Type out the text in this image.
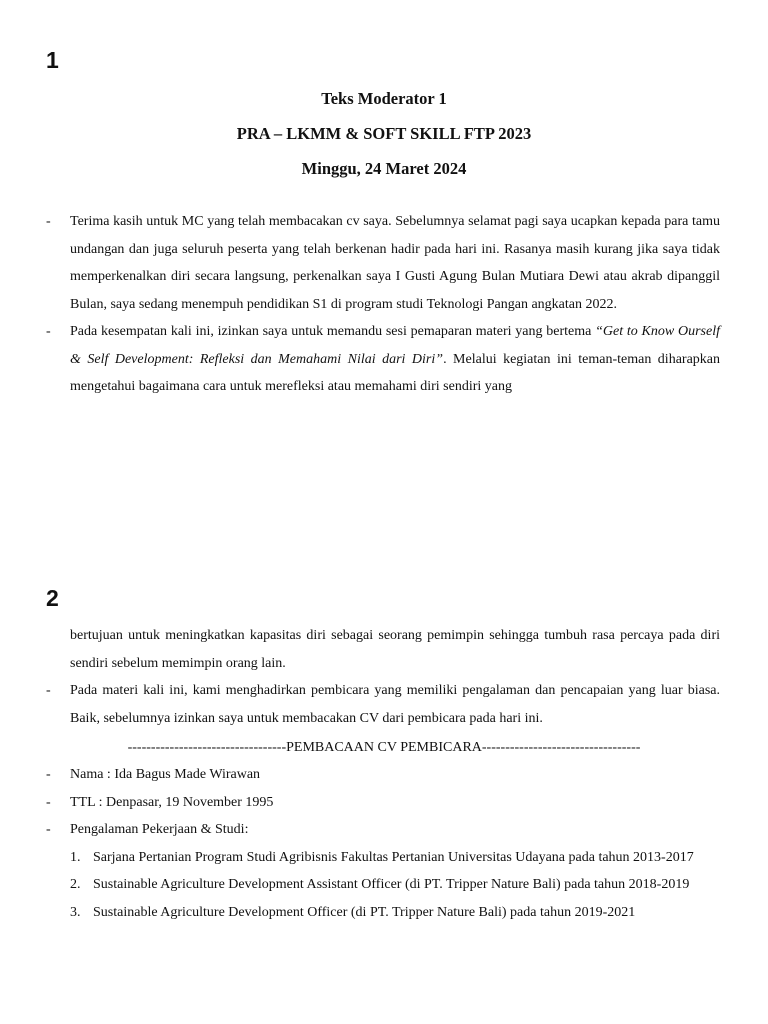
1
Teks Moderator 1
PRA – LKMM & SOFT SKILL FTP 2023
Minggu, 24 Maret 2024
- Terima kasih untuk MC yang telah membacakan cv saya. Sebelumnya selamat pagi saya ucapkan kepada para tamu undangan dan juga seluruh peserta yang telah berkenan hadir pada hari ini. Rasanya masih kurang jika saya tidak memperkenalkan diri secara langsung, perkenalkan saya I Gusti Agung Bulan Mutiara Dewi atau akrab dipanggil Bulan, saya sedang menempuh pendidikan S1 di program studi Teknologi Pangan angkatan 2022.
- Pada kesempatan kali ini, izinkan saya untuk memandu sesi pemaparan materi yang bertema “Get to Know Ourself & Self Development: Refleksi dan Memahami Nilai dari Diri”. Melalui kegiatan ini teman-teman diharapkan mengetahui bagaimana cara untuk merefleksi atau memahami diri sendiri yang
2
bertujuan untuk meningkatkan kapasitas diri sebagai seorang pemimpin sehingga tumbuh rasa percaya pada diri sendiri sebelum memimpin orang lain.
- Pada materi kali ini, kami menghadirkan pembicara yang memiliki pengalaman dan pencapaian yang luar biasa. Baik, sebelumnya izinkan saya untuk membacakan CV dari pembicara pada hari ini.
----------------------------------PEMBACAAN CV PEMBICARA----------------------------------
- Nama : Ida Bagus Made Wirawan
- TTL : Denpasar, 19 November 1995
- Pengalaman Pekerjaan & Studi:
1. Sarjana Pertanian Program Studi Agribisnis Fakultas Pertanian Universitas Udayana pada tahun 2013-2017
2. Sustainable Agriculture Development Assistant Officer (di PT. Tripper Nature Bali) pada tahun 2018-2019
3. Sustainable Agriculture Development Officer (di PT. Tripper Nature Bali) pada tahun 2019-2021
